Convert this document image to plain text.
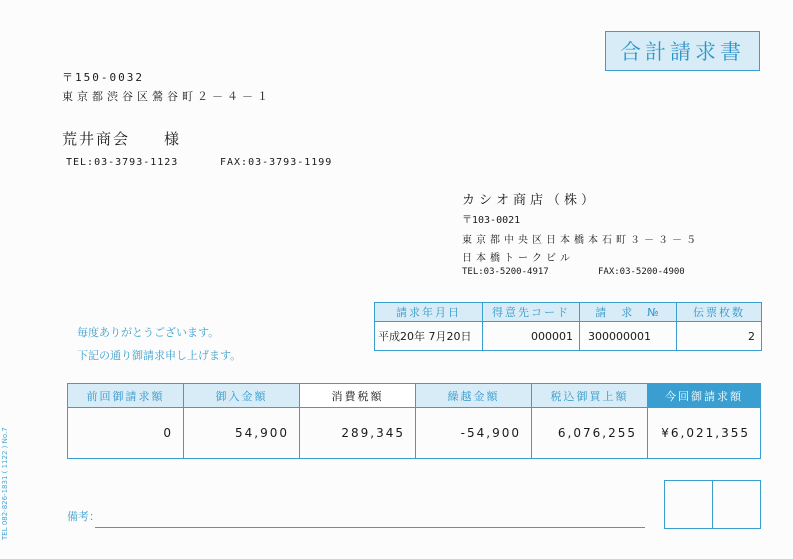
TEL 082-826-1831 ( 1122 ) No.7
合計請求書
〒150-0032
東京都渋谷区鶯谷町２－４－１
荒井商会　　様
TEL:03-3793-1123	FAX:03-3793-1199
カシオ商店（株）
〒103-0021
東京都中央区日本橋本石町３－３－５
日本橋トークビル
TEL:03-5200-4917	FAX:03-5200-4900
毎度ありがとうございます。
下記の通り御請求申し上げます。
請求年月日	得意先コード	請　求　№	伝票枚数
平成20年 7月20日	000001	300000001	2
前回御請求額	御入金額	消費税額	繰越金額	税込御買上額	今回御請求額
0	54,900	289,345	-54,900	6,076,255	¥6,021,355
備考：
